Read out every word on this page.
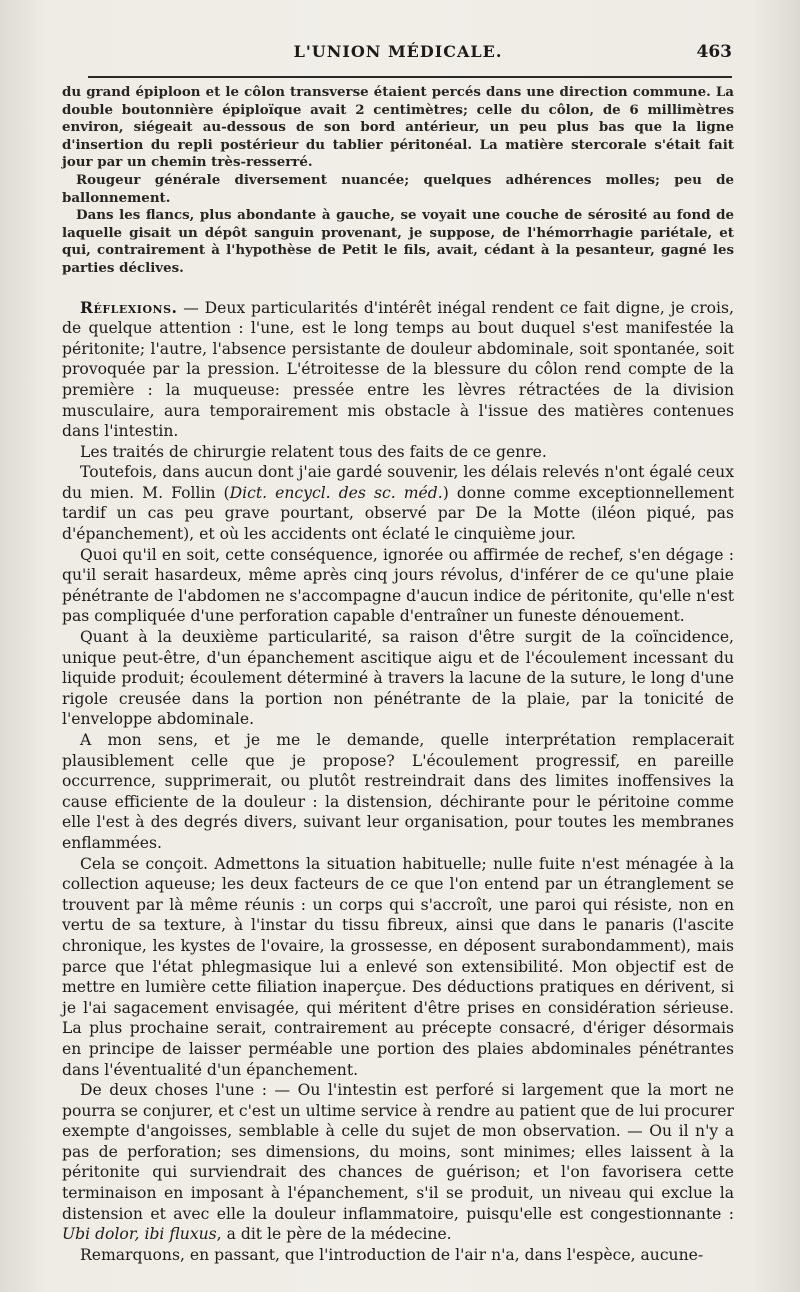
L'UNION MÉDICALE.	463

du grand épiploon et le côlon transverse étaient percés dans une direction commune. La double boutonnière épiploïque avait 2 centimètres; celle du côlon, de 6 millimètres environ, siégeait au-dessous de son bord antérieur, un peu plus bas que la ligne d'insertion du repli postérieur du tablier péritonéal. La matière stercorale s'était fait jour par un chemin très-resserré.

Rougeur générale diversement nuancée; quelques adhérences molles; peu de ballonnement.

Dans les flancs, plus abondante à gauche, se voyait une couche de sérosité au fond de laquelle gisait un dépôt sanguin provenant, je suppose, de l'hémorrhagie pariétale, et qui, contrairement à l'hypothèse de Petit le fils, avait, cédant à la pesanteur, gagné les parties déclives.

Réflexions. — Deux particularités d'intérêt inégal rendent ce fait digne, je crois, de quelque attention : l'une, est le long temps au bout duquel s'est manifestée la péritonite; l'autre, l'absence persistante de douleur abdominale, soit spontanée, soit provoquée par la pression. L'étroitesse de la blessure du côlon rend compte de la première : la muqueuse: pressée entre les lèvres rétractées de la division musculaire, aura temporairement mis obstacle à l'issue des matières contenues dans l'intestin.

Les traités de chirurgie relatent tous des faits de ce genre.

Toutefois, dans aucun dont j'aie gardé souvenir, les délais relevés n'ont égalé ceux du mien. M. Follin (Dict. encycl. des sc. méd.) donne comme exceptionnellement tardif un cas peu grave pourtant, observé par De la Motte (iléon piqué, pas d'épanchement), et où les accidents ont éclaté le cinquième jour.

Quoi qu'il en soit, cette conséquence, ignorée ou affirmée de rechef, s'en dégage : qu'il serait hasardeux, même après cinq jours révolus, d'inférer de ce qu'une plaie pénétrante de l'abdomen ne s'accompagne d'aucun indice de péritonite, qu'elle n'est pas compliquée d'une perforation capable d'entraîner un funeste dénouement.

Quant à la deuxième particularité, sa raison d'être surgit de la coïncidence, unique peut-être, d'un épanchement ascitique aigu et de l'écoulement incessant du liquide produit; écoulement déterminé à travers la lacune de la suture, le long d'une rigole creusée dans la portion non pénétrante de la plaie, par la tonicité de l'enveloppe abdominale.

A mon sens, et je me le demande, quelle interprétation remplacerait plausiblement celle que je propose? L'écoulement progressif, en pareille occurrence, supprimerait, ou plutôt restreindrait dans des limites inoffensives la cause efficiente de la douleur : la distension, déchirante pour le péritoine comme elle l'est à des degrés divers, suivant leur organisation, pour toutes les membranes enflammées.

Cela se conçoit. Admettons la situation habituelle; nulle fuite n'est ménagée à la collection aqueuse; les deux facteurs de ce que l'on entend par un étranglement se trouvent par là même réunis : un corps qui s'accroît, une paroi qui résiste, non en vertu de sa texture, à l'instar du tissu fibreux, ainsi que dans le panaris (l'ascite chronique, les kystes de l'ovaire, la grossesse, en déposent surabondamment), mais parce que l'état phlegmasique lui a enlevé son extensibilité. Mon objectif est de mettre en lumière cette filiation inaperçue. Des déductions pratiques en dérivent, si je l'ai sagacement envisagée, qui méritent d'être prises en considération sérieuse. La plus prochaine serait, contrairement au précepte consacré, d'ériger désormais en principe de laisser perméable une portion des plaies abdominales pénétrantes dans l'éventualité d'un épanchement.

De deux choses l'une : — Ou l'intestin est perforé si largement que la mort ne pourra se conjurer, et c'est un ultime service à rendre au patient que de lui procurer exempte d'angoisses, semblable à celle du sujet de mon observation. — Ou il n'y a pas de perforation; ses dimensions, du moins, sont minimes; elles laissent à la péritonite qui surviendrait des chances de guérison; et l'on favorisera cette terminaison en imposant à l'épanchement, s'il se produit, un niveau qui exclue la distension et avec elle la douleur inflammatoire, puisqu'elle est congestionnante : Ubi dolor, ibi fluxus, a dit le père de la médecine.

Remarquons, en passant, que l'introduction de l'air n'a, dans l'espèce, aucune-
